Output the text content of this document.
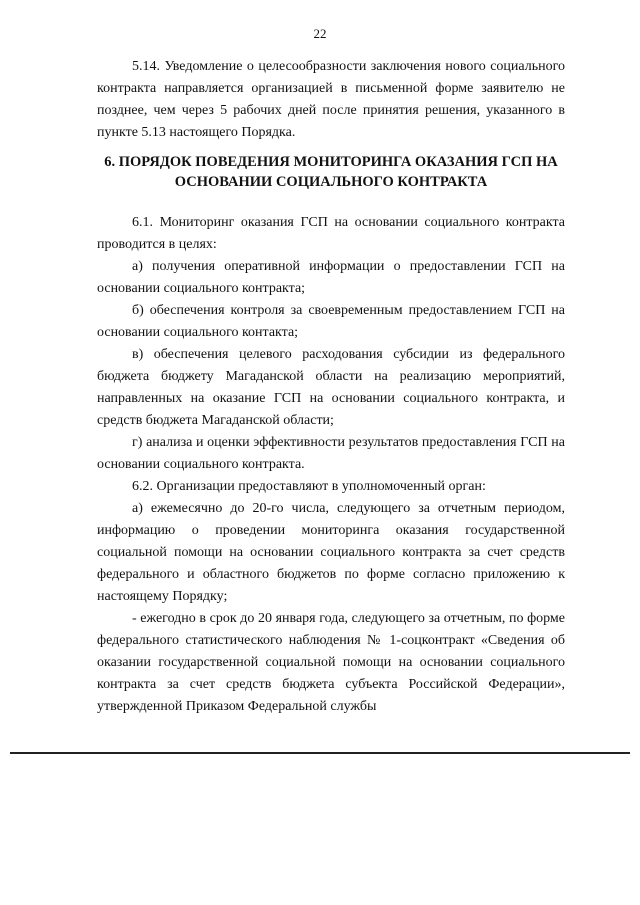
22

5.14. Уведомление о целесообразности заключения нового социального контракта направляется организацией в письменной форме заявителю не позднее, чем через 5 рабочих дней после принятия решения, указанного в пункте 5.13 настоящего Порядка.

6. ПОРЯДОК ПОВЕДЕНИЯ МОНИТОРИНГА ОКАЗАНИЯ ГСП НА ОСНОВАНИИ СОЦИАЛЬНОГО КОНТРАКТА

6.1. Мониторинг оказания ГСП на основании социального контракта проводится в целях:

а) получения оперативной информации о предоставлении ГСП на основании социального контракта;

б) обеспечения контроля за своевременным предоставлением ГСП на основании социального контакта;

в) обеспечения целевого расходования субсидии из федерального бюджета бюджету Магаданской области на реализацию мероприятий, направленных на оказание ГСП на основании социального контракта, и средств бюджета Магаданской области;

г) анализа и оценки эффективности результатов предоставления ГСП на основании социального контракта.

6.2. Организации предоставляют в уполномоченный орган:

а) ежемесячно до 20-го числа, следующего за отчетным периодом, информацию о проведении мониторинга оказания государственной социальной помощи на основании социального контракта за счет средств федерального и областного бюджетов по форме согласно приложению к настоящему Порядку;

- ежегодно в срок до 20 января года, следующего за отчетным, по форме федерального статистического наблюдения № 1-соцконтракт «Сведения об оказании государственной социальной помощи на основании социального контракта за счет средств бюджета субъекта Российской Федерации», утвержденной Приказом Федеральной службы
